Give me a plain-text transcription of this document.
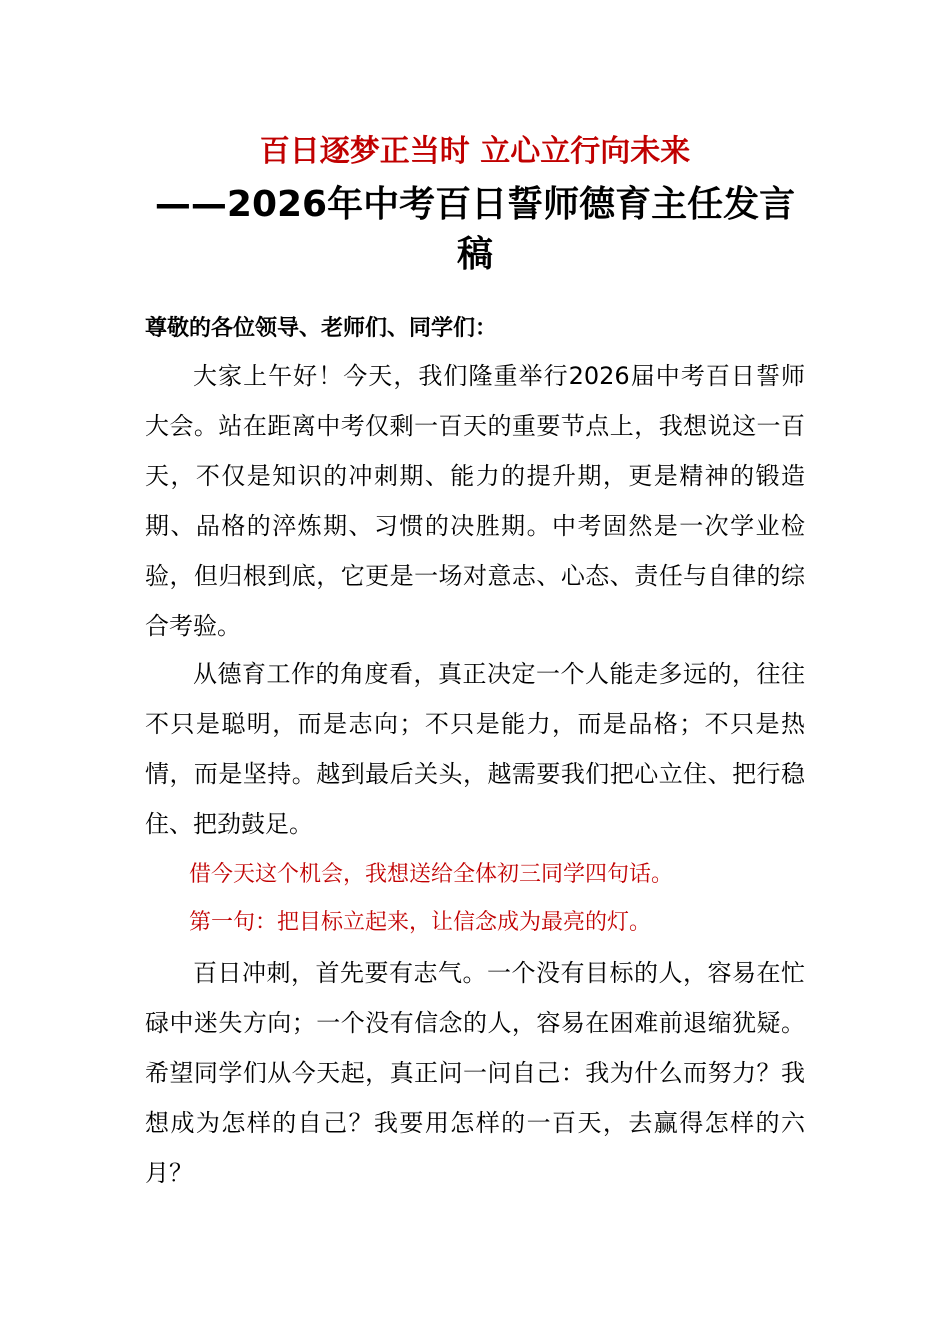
百日逐梦正当时 立心立行向未来
——2026年中考百日誓师德育主任发言稿
尊敬的各位领导、老师们、同学们：

大家上午好！今天，我们隆重举行2026届中考百日誓师大会。站在距离中考仅剩一百天的重要节点上，我想说这一百天，不仅是知识的冲刺期、能力的提升期，更是精神的锻造期、品格的淬炼期、习惯的决胜期。中考固然是一次学业检验，但归根到底，它更是一场对意志、心态、责任与自律的综合考验。

从德育工作的角度看，真正决定一个人能走多远的，往往不只是聪明，而是志向；不只是能力，而是品格；不只是热情，而是坚持。越到最后关头，越需要我们把心立住、把行稳住、把劲鼓足。

借今天这个机会，我想送给全体初三同学四句话。

第一句：把目标立起来，让信念成为最亮的灯。

百日冲刺，首先要有志气。一个没有目标的人，容易在忙碌中迷失方向；一个没有信念的人，容易在困难前退缩犹疑。希望同学们从今天起，真正问一问自己：我为什么而努力？我想成为怎样的自己？我要用怎样的一百天，去赢得怎样的六月？
